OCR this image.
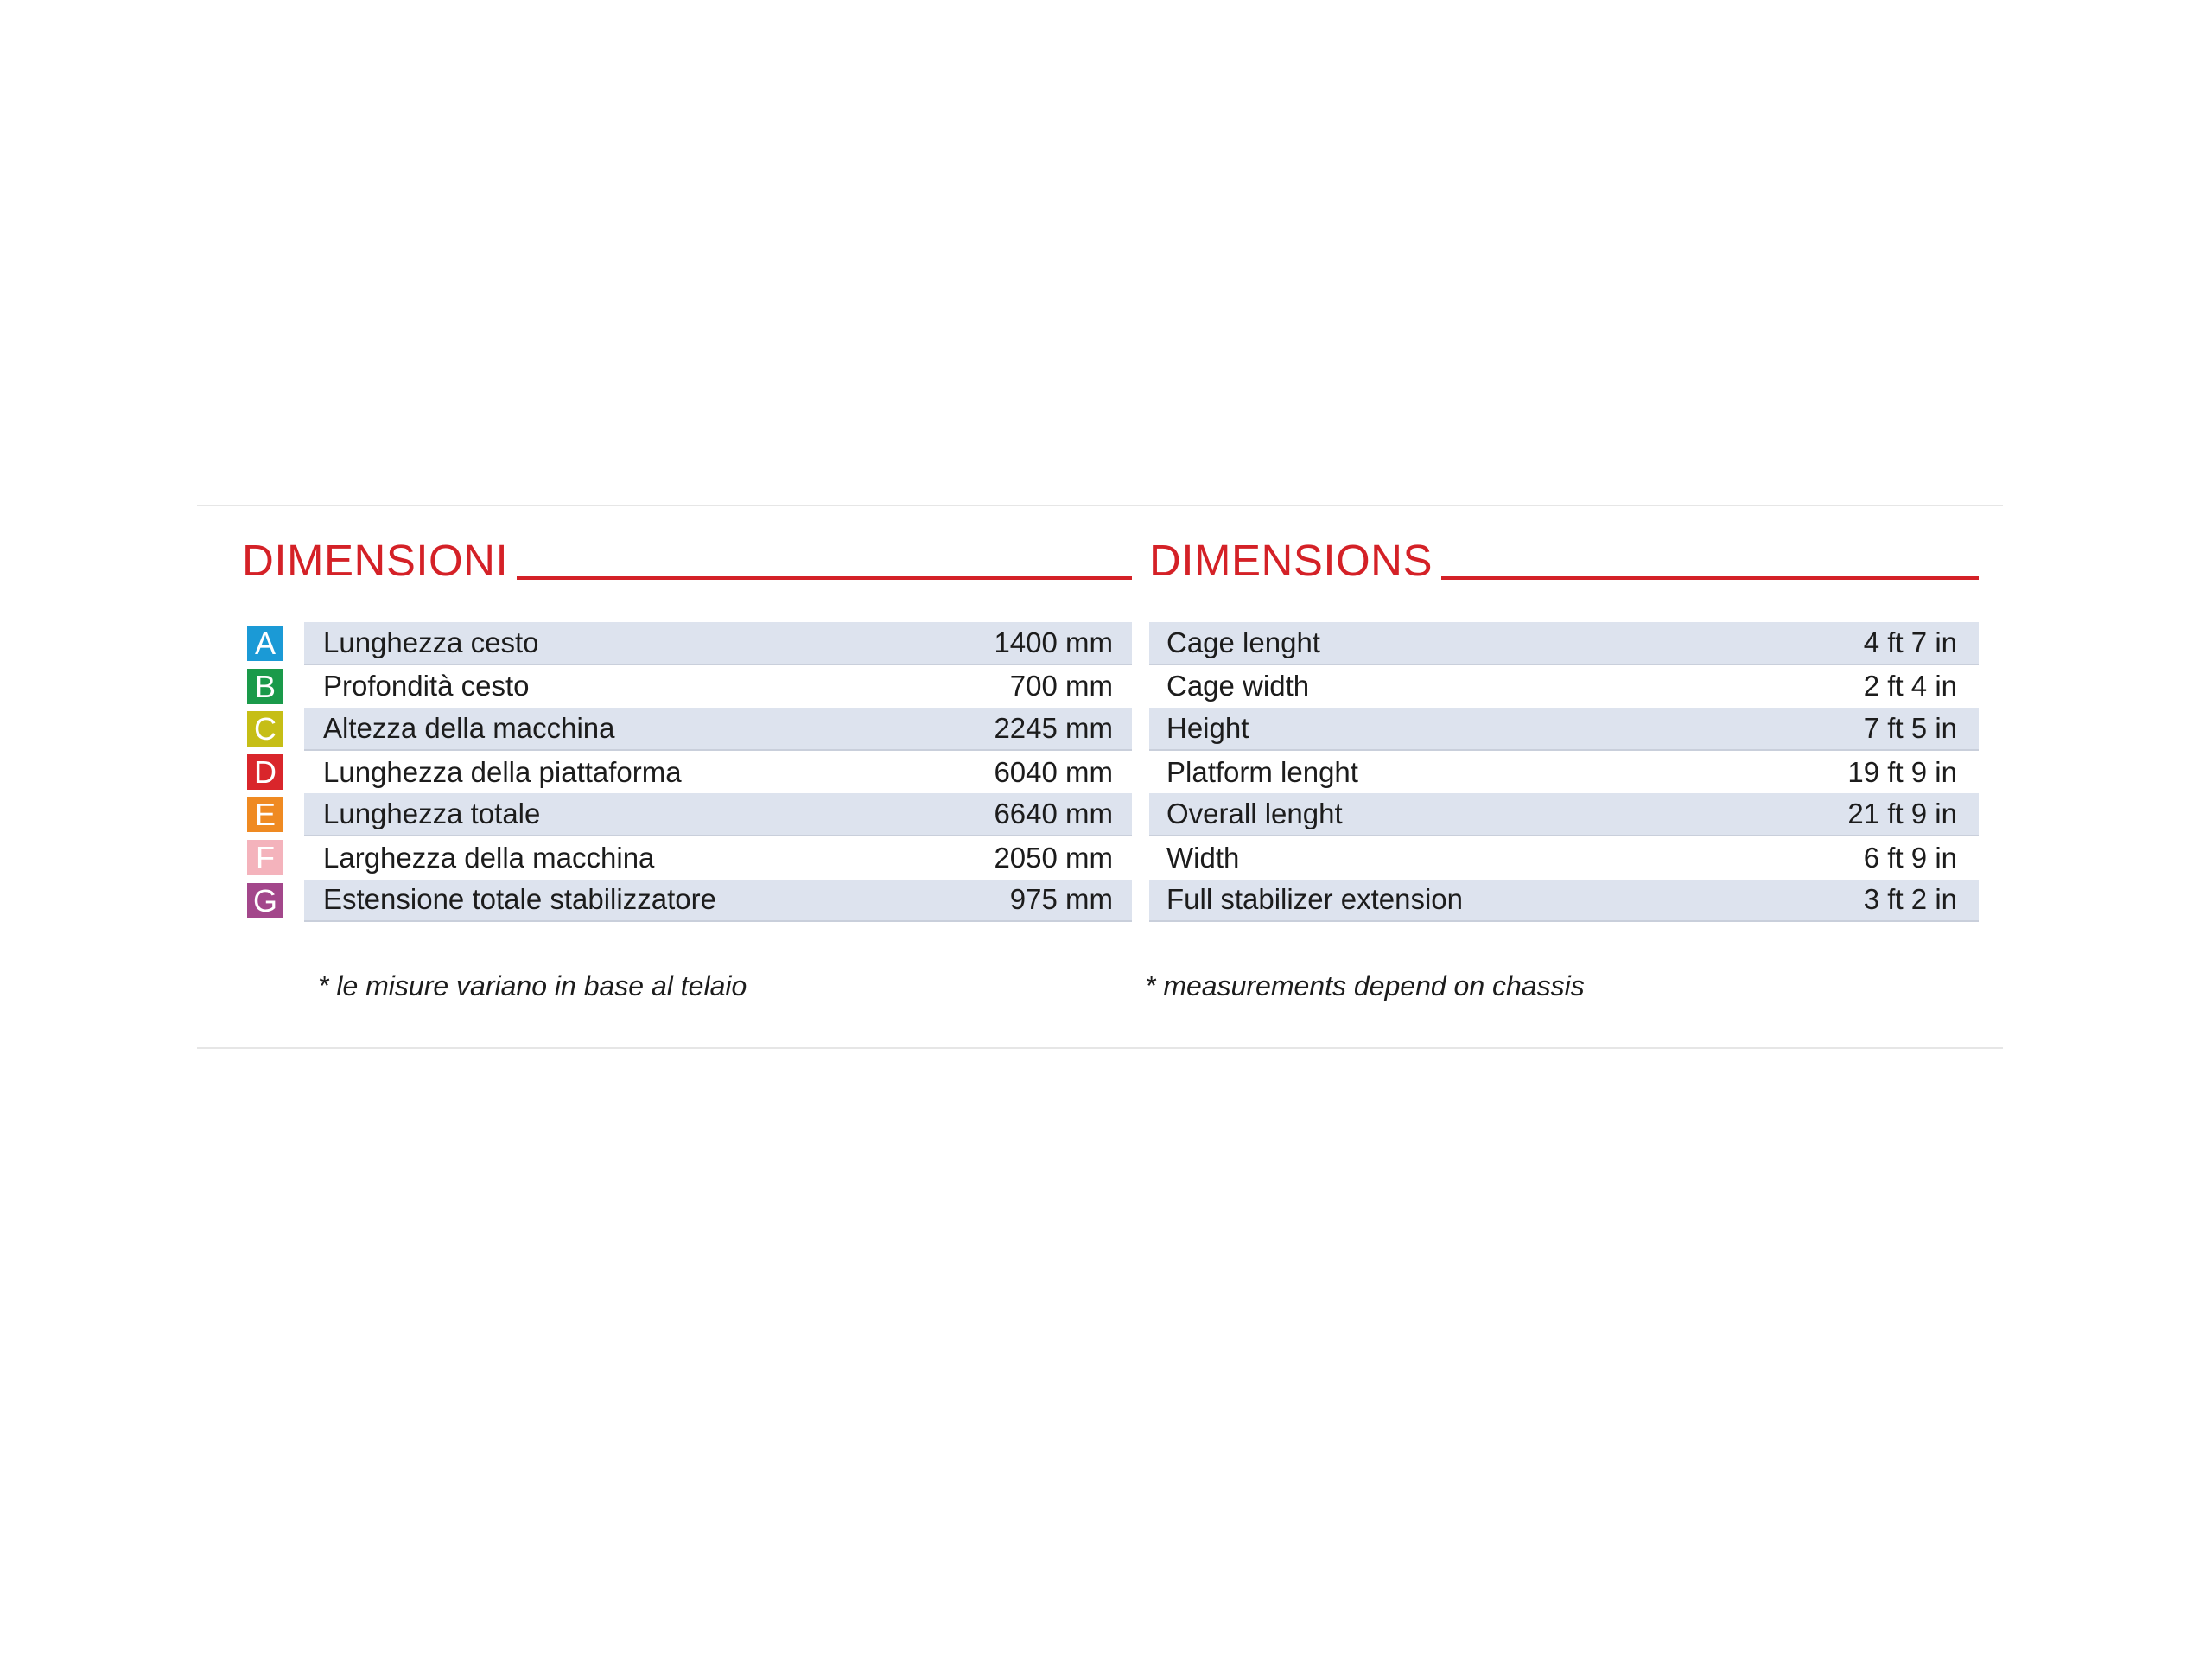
DIMENSIONI
A Lunghezza cesto	1400 mm
B Profondità cesto	700 mm
C Altezza della macchina	2245 mm
D Lunghezza della piattaforma	6040 mm
E Lunghezza totale	6640 mm
F	Larghezza della macchina	2050 mm
G Estensione totale stabilizzatore	975 mm
DIMENSIONS
Cage lenght	4 ft 7 in
Cage width	2 ft 4 in
Height	7 ft 5 in
Platform lenght	19 ft 9 in
Overall lenght	21 ft 9 in
Width	6 ft 9 in
Full stabilizer extension	3 ft 2 in
* le misure variano in base al telaio	* measurements depend on chassis
